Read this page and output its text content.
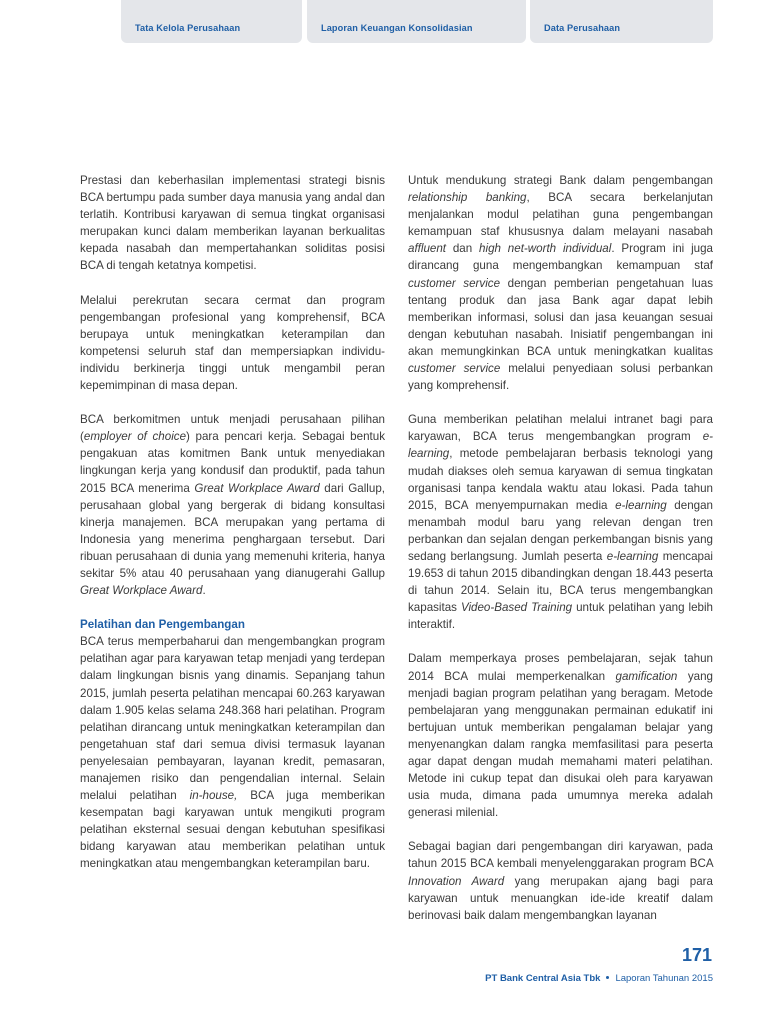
Tata Kelola Perusahaan	Laporan Keuangan Konsolidasian	Data Perusahaan

Prestasi dan keberhasilan implementasi strategi bisnis BCA bertumpu pada sumber daya manusia yang andal dan terlatih. Kontribusi karyawan di semua tingkat organisasi merupakan kunci dalam memberikan layanan berkualitas kepada nasabah dan mempertahankan soliditas posisi BCA di tengah ketatnya kompetisi.

Melalui perekrutan secara cermat dan program pengembangan profesional yang komprehensif, BCA berupaya untuk meningkatkan keterampilan dan kompetensi seluruh staf dan mempersiapkan individu-individu berkinerja tinggi untuk mengambil peran kepemimpinan di masa depan.

BCA berkomitmen untuk menjadi perusahaan pilihan (employer of choice) para pencari kerja. Sebagai bentuk pengakuan atas komitmen Bank untuk menyediakan lingkungan kerja yang kondusif dan produktif, pada tahun 2015 BCA menerima Great Workplace Award dari Gallup, perusahaan global yang bergerak di bidang konsultasi kinerja manajemen. BCA merupakan yang pertama di Indonesia yang menerima penghargaan tersebut. Dari ribuan perusahaan di dunia yang memenuhi kriteria, hanya sekitar 5% atau 40 perusahaan yang dianugerahi Gallup Great Workplace Award.

Pelatihan dan Pengembangan

BCA terus memperbaharui dan mengembangkan program pelatihan agar para karyawan tetap menjadi yang terdepan dalam lingkungan bisnis yang dinamis. Sepanjang tahun 2015, jumlah peserta pelatihan mencapai 60.263 karyawan dalam 1.905 kelas selama 248.368 hari pelatihan. Program pelatihan dirancang untuk meningkatkan keterampilan dan pengetahuan staf dari semua divisi termasuk layanan penyelesaian pembayaran, layanan kredit, pemasaran, manajemen risiko dan pengendalian internal. Selain melalui pelatihan in-house, BCA juga memberikan kesempatan bagi karyawan untuk mengikuti program pelatihan eksternal sesuai dengan kebutuhan spesifikasi bidang karyawan atau memberikan pelatihan untuk meningkatkan atau mengembangkan keterampilan baru.

Untuk mendukung strategi Bank dalam pengembangan relationship banking, BCA secara berkelanjutan menjalankan modul pelatihan guna pengembangan kemampuan staf khususnya dalam melayani nasabah affluent dan high net-worth individual. Program ini juga dirancang guna mengembangkan kemampuan staf customer service dengan pemberian pengetahuan luas tentang produk dan jasa Bank agar dapat lebih memberikan informasi, solusi dan jasa keuangan sesuai dengan kebutuhan nasabah. Inisiatif pengembangan ini akan memungkinkan BCA untuk meningkatkan kualitas customer service melalui penyediaan solusi perbankan yang komprehensif.

Guna memberikan pelatihan melalui intranet bagi para karyawan, BCA terus mengembangkan program e-learning, metode pembelajaran berbasis teknologi yang mudah diakses oleh semua karyawan di semua tingkatan organisasi tanpa kendala waktu atau lokasi. Pada tahun 2015, BCA menyempurnakan media e-learning dengan menambah modul baru yang relevan dengan tren perbankan dan sejalan dengan perkembangan bisnis yang sedang berlangsung. Jumlah peserta e-learning mencapai 19.653 di tahun 2015 dibandingkan dengan 18.443 peserta di tahun 2014. Selain itu, BCA terus mengembangkan kapasitas Video-Based Training untuk pelatihan yang lebih interaktif.

Dalam memperkaya proses pembelajaran, sejak tahun 2014 BCA mulai memperkenalkan gamification yang menjadi bagian program pelatihan yang beragam. Metode pembelajaran yang menggunakan permainan edukatif ini bertujuan untuk memberikan pengalaman belajar yang menyenangkan dalam rangka memfasilitasi para peserta agar dapat dengan mudah memahami materi pelatihan. Metode ini cukup tepat dan disukai oleh para karyawan usia muda, dimana pada umumnya mereka adalah generasi milenial.

Sebagai bagian dari pengembangan diri karyawan, pada tahun 2015 BCA kembali menyelenggarakan program BCA Innovation Award yang merupakan ajang bagi para karyawan untuk menuangkan ide-ide kreatif dalam berinovasi baik dalam mengembangkan layanan

171
PT Bank Central Asia Tbk Laporan Tahunan 2015
